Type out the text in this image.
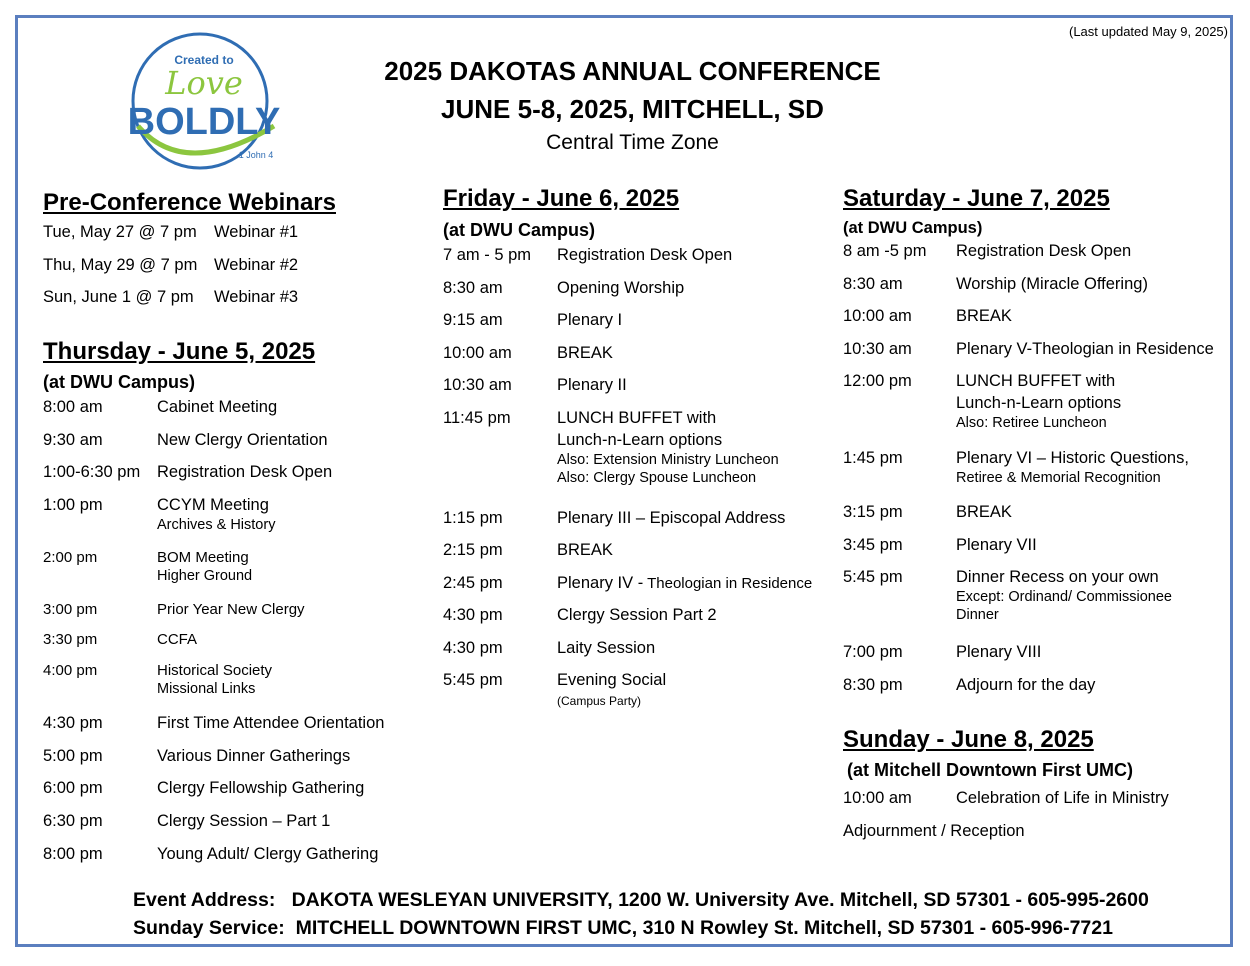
(Last updated May 9, 2025)
Created to
Love
BOLDLY
1 John 4
2025 DAKOTAS ANNUAL CONFERENCE
JUNE 5-8, 2025, MITCHELL, SD
Central Time Zone
Pre-Conference Webinars
Tue, May 27 @ 7 pm Webinar #1
Thu, May 29 @ 7 pm Webinar #2
Sun, June 1 @ 7 pm Webinar #3
Thursday - June 5, 2025
(at DWU Campus)
8:00 am	Cabinet Meeting
9:30 am	New Clergy Orientation
1:00-6:30 pm Registration Desk Open
1:00 pm	CCYM Meeting
Archives & History
2:00 pm	BOM Meeting
Higher Ground
3:00 pm	Prior Year New Clergy
3:30 pm	CCFA
4:00 pm	Historical Society
Missional Links
4:30 pm	First Time Attendee Orientation
5:00 pm	Various Dinner Gatherings
6:00 pm	Clergy Fellowship Gathering
6:30 pm	Clergy Session – Part 1
8:00 pm	Young Adult/ Clergy Gathering
Friday - June 6, 2025
(at DWU Campus)
7 am - 5 pm Registration Desk Open
8:30 am	Opening Worship
9:15 am	Plenary I
10:00 am	BREAK
10:30 am	Plenary II
11:45 pm	LUNCH BUFFET with
Lunch-n-Learn options
Also: Extension Ministry Luncheon
Also: Clergy Spouse Luncheon
1:15 pm	Plenary III – Episcopal Address
2:15 pm	BREAK
2:45 pm	Plenary IV - Theologian in Residence
4:30 pm	Clergy Session Part 2
4:30 pm	Laity Session
5:45 pm	Evening Social
(Campus Party)
Saturday - June 7, 2025
(at DWU Campus)
8 am -5 pm Registration Desk Open
8:30 am	Worship (Miracle Offering)
10:00 am	BREAK
10:30 am	Plenary V-Theologian in Residence
12:00 pm	LUNCH BUFFET with
Lunch-n-Learn options
Also: Retiree Luncheon
1:45 pm	Plenary VI – Historic Questions,
Retiree & Memorial Recognition
3:15 pm	BREAK
3:45 pm	Plenary VII
5:45 pm	Dinner Recess on your own
Except: Ordinand/ Commissionee
Dinner
7:00 pm	Plenary VIII
8:30 pm	Adjourn for the day
Sunday - June 8, 2025
(at Mitchell Downtown First UMC)
10:00 am	Celebration of Life in Ministry
Adjournment / Reception
Event Address: DAKOTA WESLEYAN UNIVERSITY, 1200 W. University Ave. Mitchell, SD 57301 - 605-995-2600
Sunday Service: MITCHELL DOWNTOWN FIRST UMC, 310 N Rowley St. Mitchell, SD 57301 - 605-996-7721
